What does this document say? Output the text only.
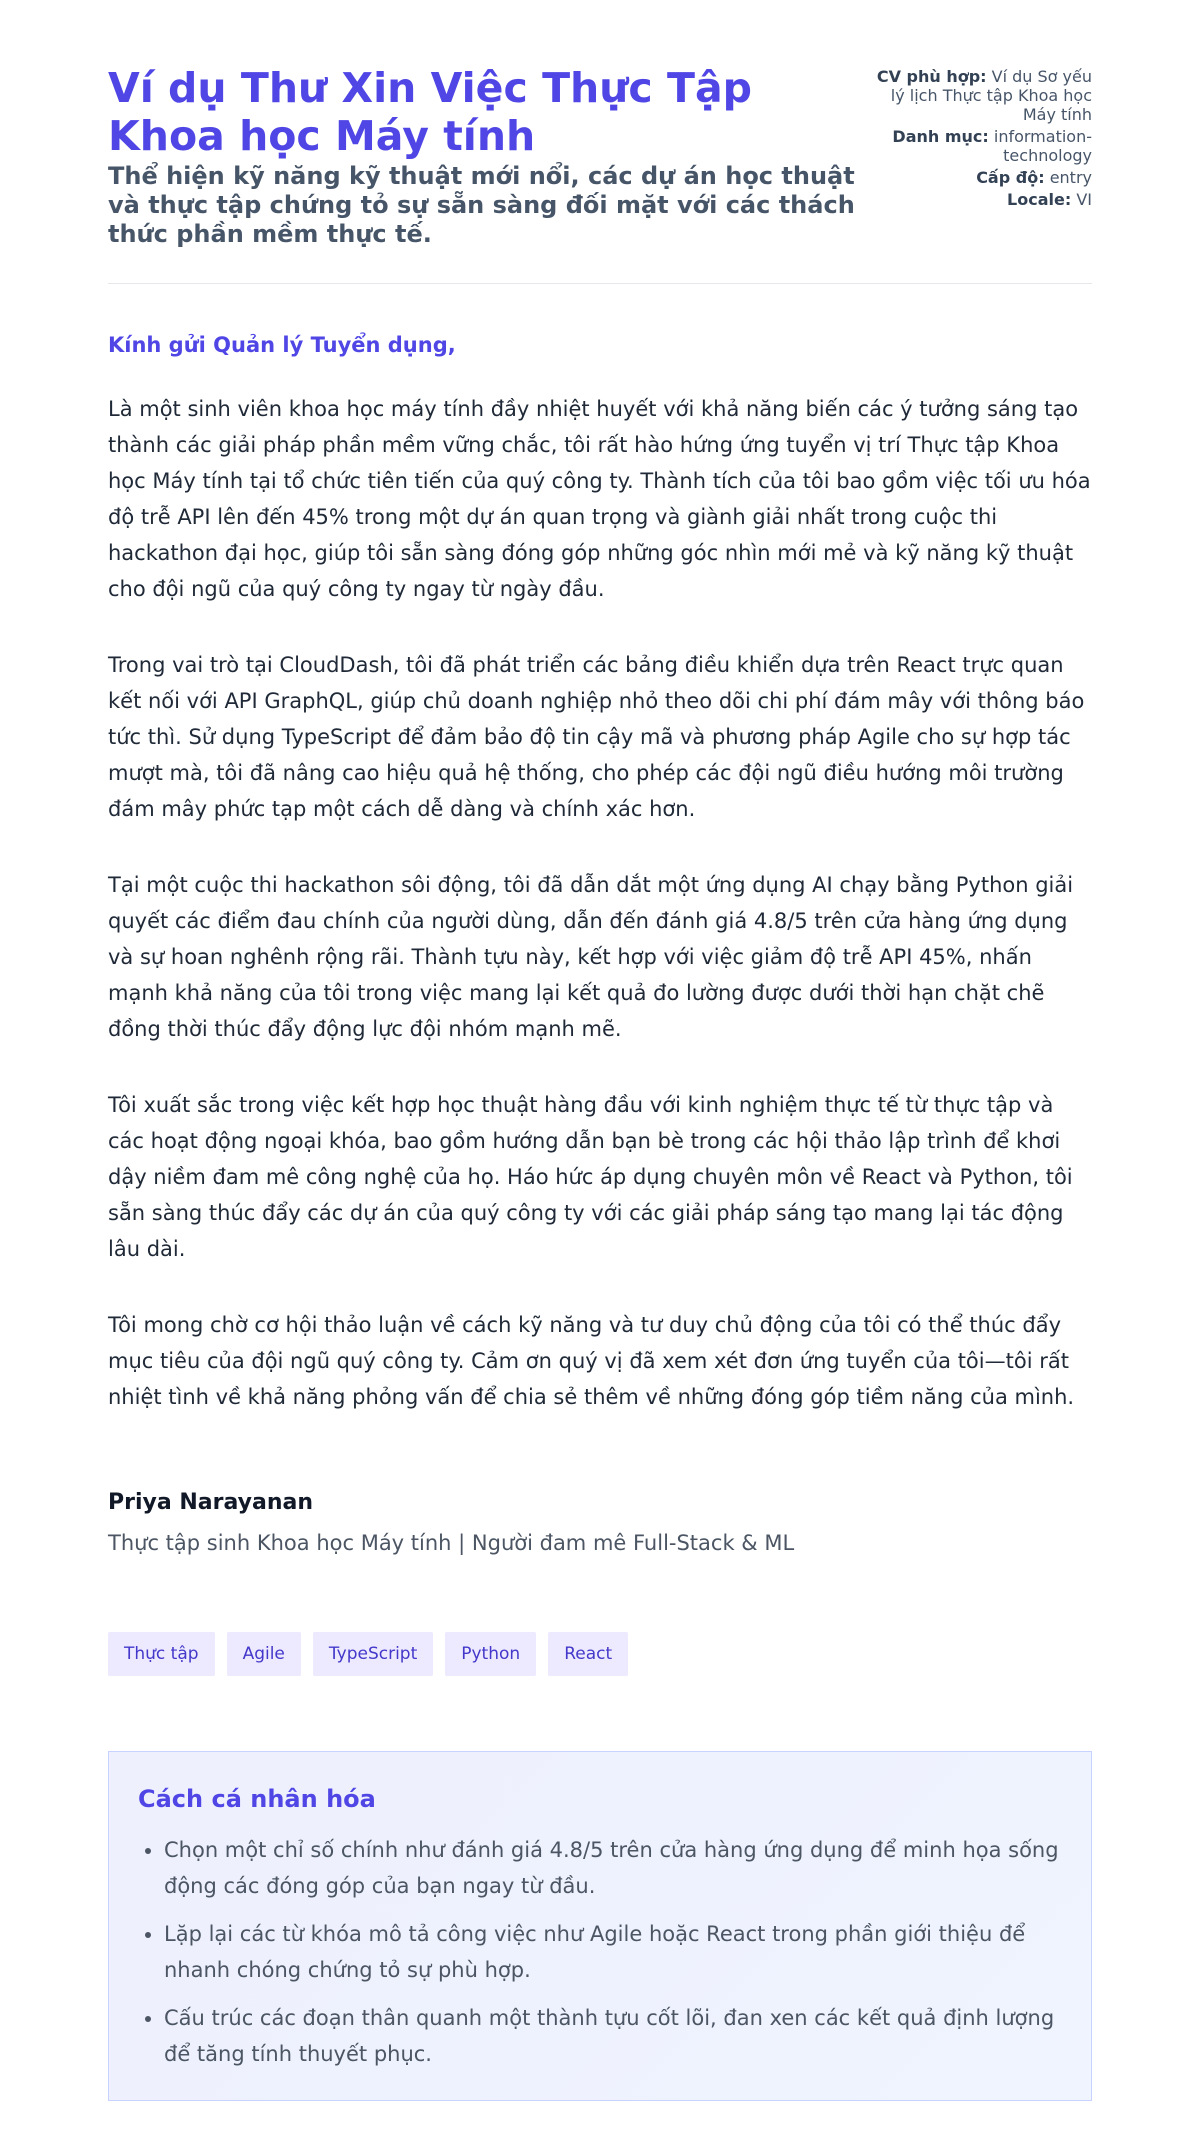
Ví dụ Thư Xin Việc Thực Tập Khoa học Máy tính

Thể hiện kỹ năng kỹ thuật mới nổi, các dự án học thuật và thực tập chứng tỏ sự sẵn sàng đối mặt với các thách thức phần mềm thực tế.

CV phù hợp: Ví dụ Sơ yếu lý lịch Thực tập Khoa học Máy tính
Danh mục: information-technology
Cấp độ: entry
Locale: VI

Kính gửi Quản lý Tuyển dụng,

Là một sinh viên khoa học máy tính đầy nhiệt huyết với khả năng biến các ý tưởng sáng tạo thành các giải pháp phần mềm vững chắc, tôi rất hào hứng ứng tuyển vị trí Thực tập Khoa học Máy tính tại tổ chức tiên tiến của quý công ty. Thành tích của tôi bao gồm việc tối ưu hóa độ trễ API lên đến 45% trong một dự án quan trọng và giành giải nhất trong cuộc thi hackathon đại học, giúp tôi sẵn sàng đóng góp những góc nhìn mới mẻ và kỹ năng kỹ thuật cho đội ngũ của quý công ty ngay từ ngày đầu.

Trong vai trò tại CloudDash, tôi đã phát triển các bảng điều khiển dựa trên React trực quan kết nối với API GraphQL, giúp chủ doanh nghiệp nhỏ theo dõi chi phí đám mây với thông báo tức thì. Sử dụng TypeScript để đảm bảo độ tin cậy mã và phương pháp Agile cho sự hợp tác mượt mà, tôi đã nâng cao hiệu quả hệ thống, cho phép các đội ngũ điều hướng môi trường đám mây phức tạp một cách dễ dàng và chính xác hơn.

Tại một cuộc thi hackathon sôi động, tôi đã dẫn dắt một ứng dụng AI chạy bằng Python giải quyết các điểm đau chính của người dùng, dẫn đến đánh giá 4.8/5 trên cửa hàng ứng dụng và sự hoan nghênh rộng rãi. Thành tựu này, kết hợp với việc giảm độ trễ API 45%, nhấn mạnh khả năng của tôi trong việc mang lại kết quả đo lường được dưới thời hạn chặt chẽ đồng thời thúc đẩy động lực đội nhóm mạnh mẽ.

Tôi xuất sắc trong việc kết hợp học thuật hàng đầu với kinh nghiệm thực tế từ thực tập và các hoạt động ngoại khóa, bao gồm hướng dẫn bạn bè trong các hội thảo lập trình để khơi dậy niềm đam mê công nghệ của họ. Háo hức áp dụng chuyên môn về React và Python, tôi sẵn sàng thúc đẩy các dự án của quý công ty với các giải pháp sáng tạo mang lại tác động lâu dài.

Tôi mong chờ cơ hội thảo luận về cách kỹ năng và tư duy chủ động của tôi có thể thúc đẩy mục tiêu của đội ngũ quý công ty. Cảm ơn quý vị đã xem xét đơn ứng tuyển của tôi—tôi rất nhiệt tình về khả năng phỏng vấn để chia sẻ thêm về những đóng góp tiềm năng của mình.

Priya Narayanan
Thực tập sinh Khoa học Máy tính | Người đam mê Full-Stack & ML
Thực tập	Agile	TypeScript	Python	React
Cách cá nhân hóa
• Chọn một chỉ số chính như đánh giá 4.8/5 trên cửa hàng ứng dụng để minh họa sống động các đóng góp của bạn ngay từ đầu.
• Lặp lại các từ khóa mô tả công việc như Agile hoặc React trong phần giới thiệu để nhanh chóng chứng tỏ sự phù hợp.
• Cấu trúc các đoạn thân quanh một thành tựu cốt lõi, đan xen các kết quả định lượng để tăng tính thuyết phục.
